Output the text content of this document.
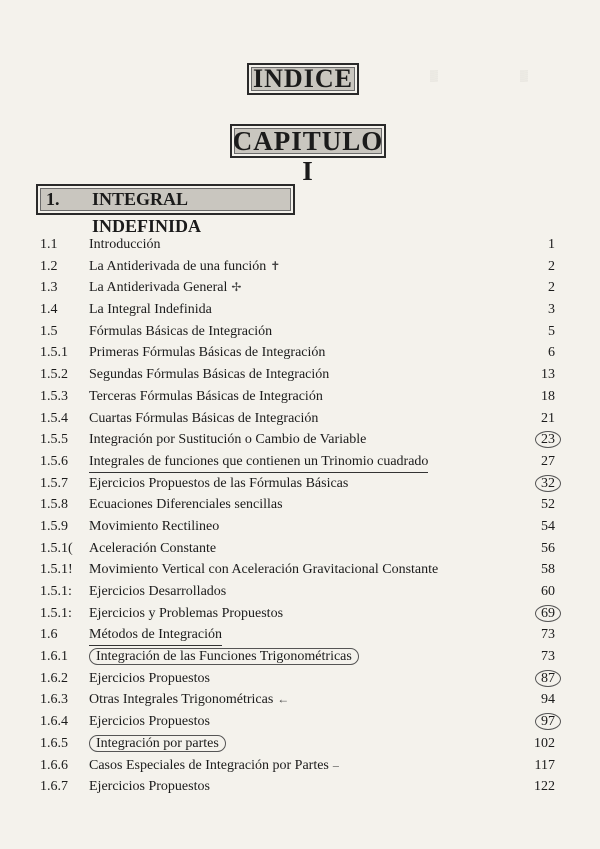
▒	▒
INDICE
CAPITULO I
1. INTEGRAL INDEFINIDA
1.1 Introducción	1
1.2 La Antiderivada de una función ✝	2
1.3 La Antiderivada General ✢	2
1.4 La Integral Indefinida	3
1.5 Fórmulas Básicas de Integración	5
1.5.1 Primeras Fórmulas Básicas de Integración	6
1.5.2 Segundas Fórmulas Básicas de Integración	13
1.5.3 Terceras Fórmulas Básicas de Integración	18
1.5.4 Cuartas Fórmulas Básicas de Integración	21
1.5.5 Integración por Sustitución o Cambio de Variable	23
1.5.6 Integrales de funciones que contienen un Trinomio cuadrado	27
1.5.7 Ejercicios Propuestos de las Fórmulas Básicas	32
1.5.8 Ecuaciones Diferenciales sencillas	52
1.5.9 Movimiento Rectilineo	54
1.5.1( Aceleración Constante	56
1.5.1! Movimiento Vertical con Aceleración Gravitacional Constante	58
1.5.1: Ejercicios Desarrollados	60
1.5.1: Ejercicios y Problemas Propuestos	69
1.6 Métodos de Integración	73
1.6.1	Integración de las Funciones Trigonométricas	73
1.6.2 Ejercicios Propuestos	87
1.6.3 Otras Integrales Trigonométricas ←	94
1.6.4 Ejercicios Propuestos	97
1.6.5	Integración por partes	102
1.6.6 Casos Especiales de Integración por Partes –	117
1.6.7 Ejercicios Propuestos	122
